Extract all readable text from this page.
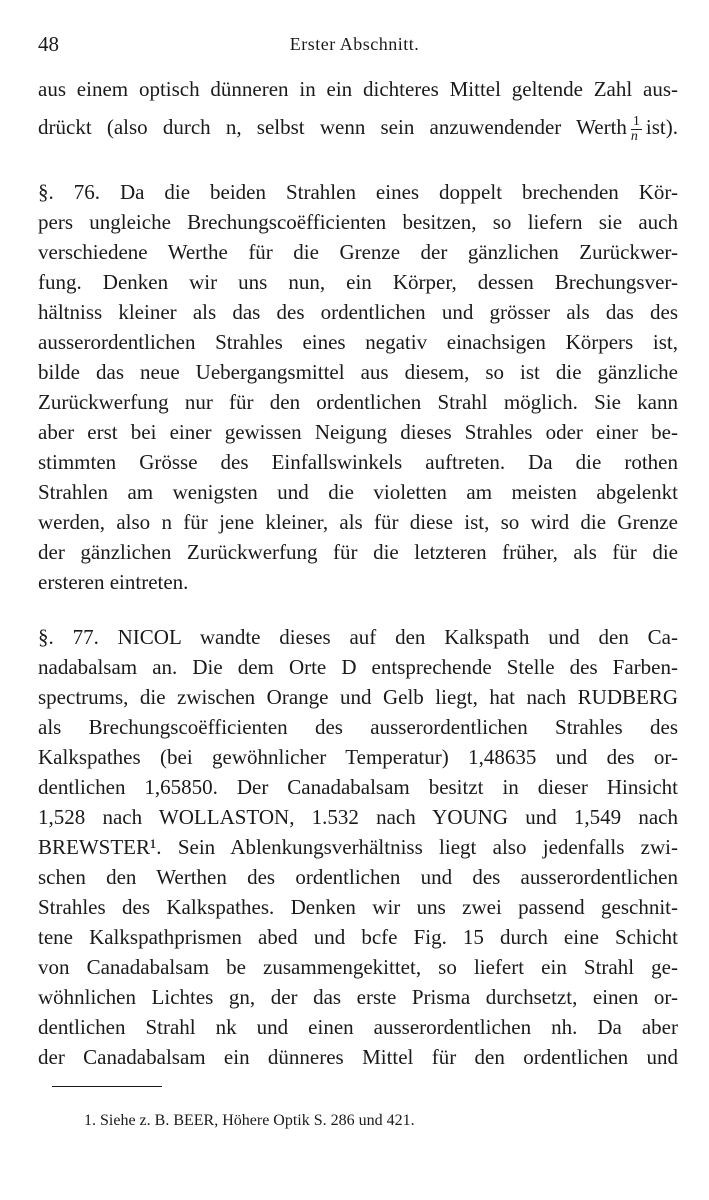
48	Erster Abschnitt.
aus einem optisch dünneren in ein dichteres Mittel geltende Zahl aus-
drückt (also durch n, selbst wenn sein anzuwendender Werth $\frac{1}{n} ist$).
§. 76. Da die beiden Strahlen eines doppelt brechenden Kör-
pers ungleiche Brechungscoëfficienten besitzen, so liefern sie auch
verschiedene Werthe für die Grenze der gänzlichen Zurückwer-
fung. Denken wir uns nun, ein Körper, dessen Brechungsver-
hältniss kleiner als das des ordentlichen und grösser als das des
ausserordentlichen Strahles eines negativ einachsigen Körpers ist,
bilde das neue Uebergangsmittel aus diesem, so ist die gänzliche
Zurückwerfung nur für den ordentlichen Strahl möglich. Sie kann
aber erst bei einer gewissen Neigung dieses Strahles oder einer be-
stimmten Grösse des Einfallswinkels auftreten. Da die rothen
Strahlen am wenigsten und die violetten am meisten abgelenkt
werden, also n für jene kleiner, als für diese ist, so wird die Grenze
der gänzlichen Zurückwerfung für die letzteren früher, als für die
ersteren eintreten.
§. 77. NICOL wandte dieses auf den Kalkspath und den Ca-
nadabalsam an. Die dem Orte D entsprechende Stelle des Farben-
spectrums, die zwischen Orange und Gelb liegt, hat nach RUDBERG
als Brechungscoëfficienten des ausserordentlichen Strahles des
Kalkspathes (bei gewöhnlicher Temperatur) 1,48635 und des or-
dentlichen 1,65850. Der Canadabalsam besitzt in dieser Hinsicht
1,528 nach WOLLASTON, 1.532 nach YOUNG und 1,549 nach
BREWSTER¹. Sein Ablenkungsverhältniss liegt also jedenfalls zwi-
schen den Werthen des ordentlichen und des ausserordentlichen
Strahles des Kalkspathes. Denken wir uns zwei passend geschnit-
tene Kalkspathprismen abed und bcfe Fig. 15 durch eine Schicht
von Canadabalsam be zusammengekittet, so liefert ein Strahl ge-
wöhnlichen Lichtes gn, der das erste Prisma durchsetzt, einen or-
dentlichen Strahl nk und einen ausserordentlichen nh. Da aber
der Canadabalsam ein dünneres Mittel für den ordentlichen und
1. Siehe z. B. BEER, Höhere Optik S. 286 und 421.
